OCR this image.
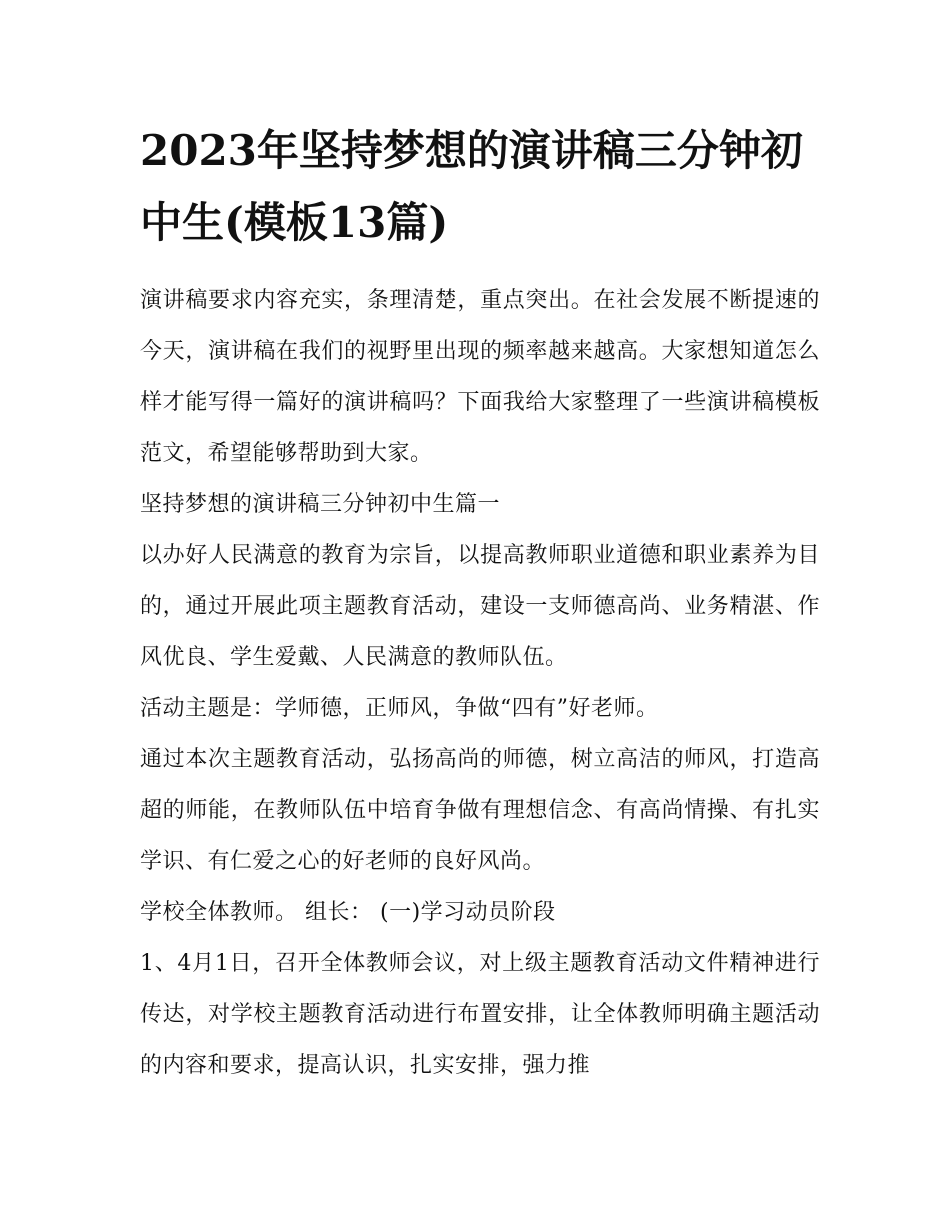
2023年坚持梦想的演讲稿三分钟初中生(模板13篇)

演讲稿要求内容充实，条理清楚，重点突出。在社会发展不断提速的今天，演讲稿在我们的视野里出现的频率越来越高。大家想知道怎么样才能写得一篇好的演讲稿吗？下面我给大家整理了一些演讲稿模板范文，希望能够帮助到大家。

坚持梦想的演讲稿三分钟初中生篇一

以办好人民满意的教育为宗旨，以提高教师职业道德和职业素养为目的，通过开展此项主题教育活动，建设一支师德高尚、业务精湛、作风优良、学生爱戴、人民满意的教师队伍。

活动主题是：学师德，正师风，争做“四有”好老师。

通过本次主题教育活动，弘扬高尚的师德，树立高洁的师风，打造高超的师能，在教师队伍中培育争做有理想信念、有高尚情操、有扎实学识、有仁爱之心的好老师的良好风尚。

学校全体教师。 组长： (一)学习动员阶段

1、4月1日，召开全体教师会议，对上级主题教育活动文件精神进行传达，对学校主题教育活动进行布置安排，让全体教师明确主题活动的内容和要求，提高认识，扎实安排，强力推
